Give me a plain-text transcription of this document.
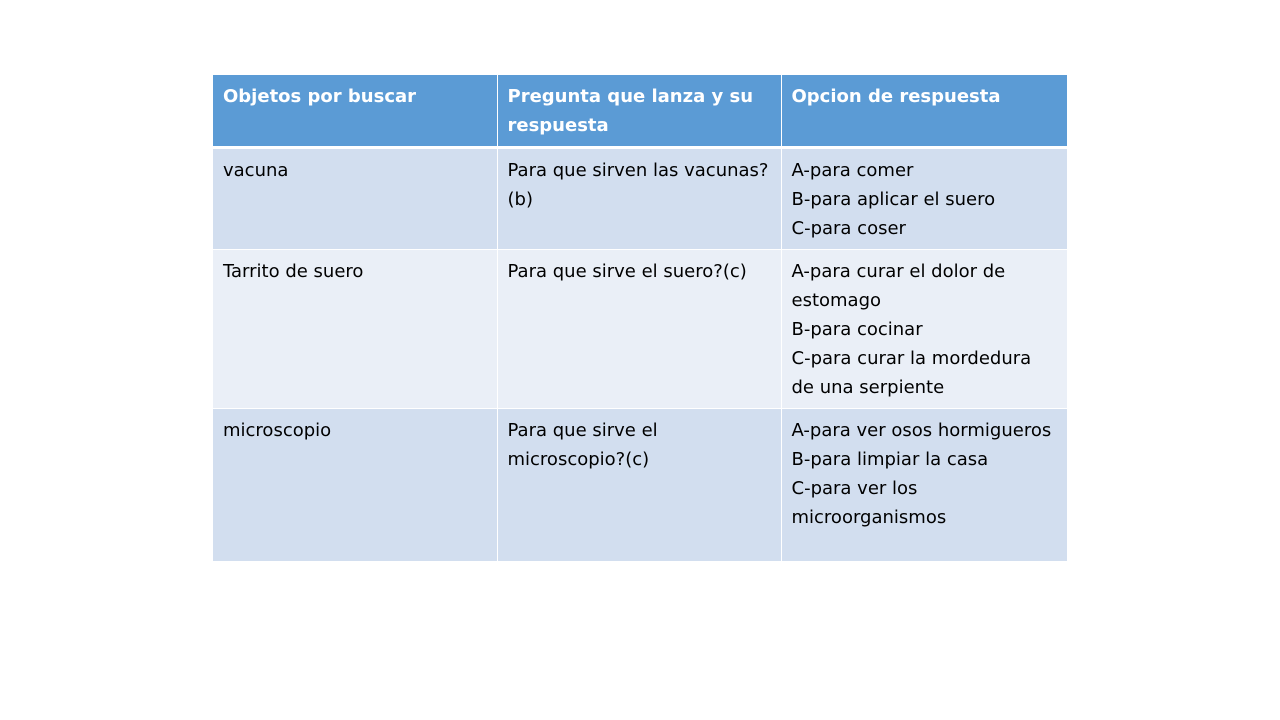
Objetos por buscar	Pregunta que lanza y su respuesta	Opcion de respuesta
vacuna	Para que sirven las vacunas? (b)	A-para comer
B-para aplicar el suero
C-para coser

Tarrito de suero	Para que sirve el suero?(c)	A-para curar el dolor de estomago
B-para cocinar
C-para curar la mordedura de una serpiente

microscopio	Para que sirve el microscopio?(c)	A-para ver osos hormigueros
B-para limpiar la casa
C-para ver los microorganismos
